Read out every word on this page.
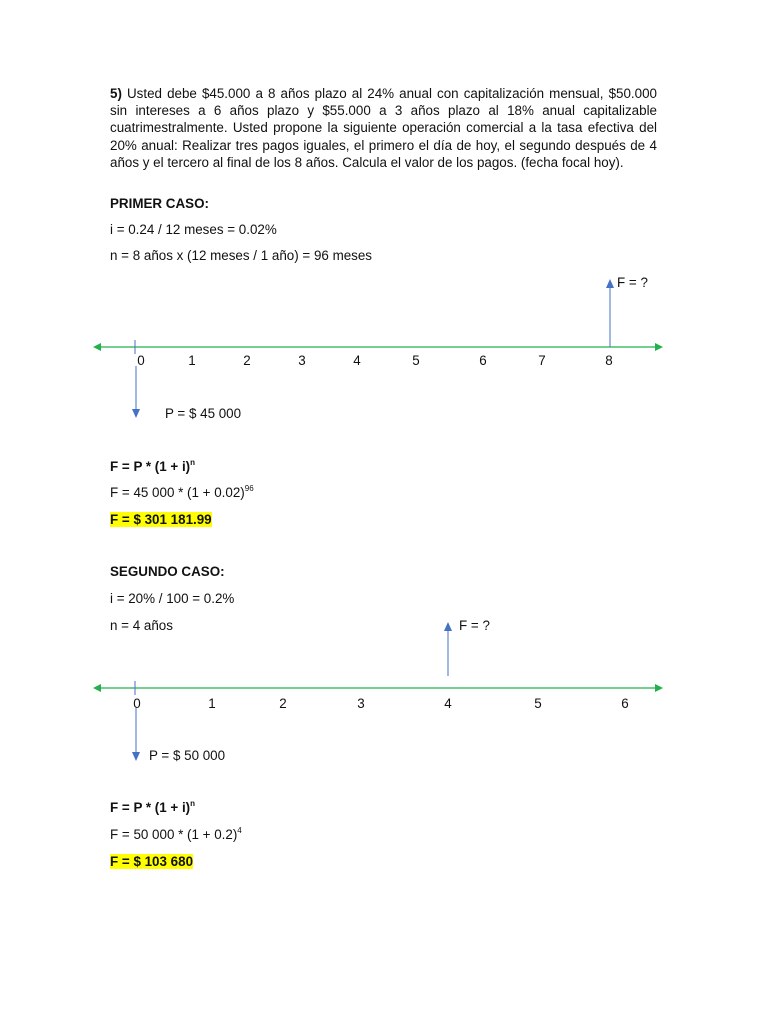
5) Usted debe $45.000 a 8 años plazo al 24% anual con capitalización mensual, $50.000 sin intereses a 6 años plazo y $55.000 a 3 años plazo al 18% anual capitalizable cuatrimestralmente. Usted propone la siguiente operación comercial a la tasa efectiva del 20% anual: Realizar tres pagos iguales, el primero el día de hoy, el segundo después de 4 años y el tercero al final de los 8 años. Calcula el valor de los pagos. (fecha focal hoy).
PRIMER CASO:
i = 0.24 / 12 meses = 0.02%
n = 8 años x (12 meses / 1 año) = 96 meses
F = ?
0	1	2	3	4	5	6	7	8
P = $ 45 000
$F = P * (1 + i)^n$
F = 45 $000 * (1 + 0.02)^{96}$
F = $ 301 181.99
SEGUNDO CASO:
i = 20% / 100 = 0.2%
n = 4 años	F = ?
0	1	2	3	4	5	6
P = $ 50 000
$F = P * (1 + i)^n$
F = 50 $000 * (1 + 0.2)^4$
F = $ 103 680
